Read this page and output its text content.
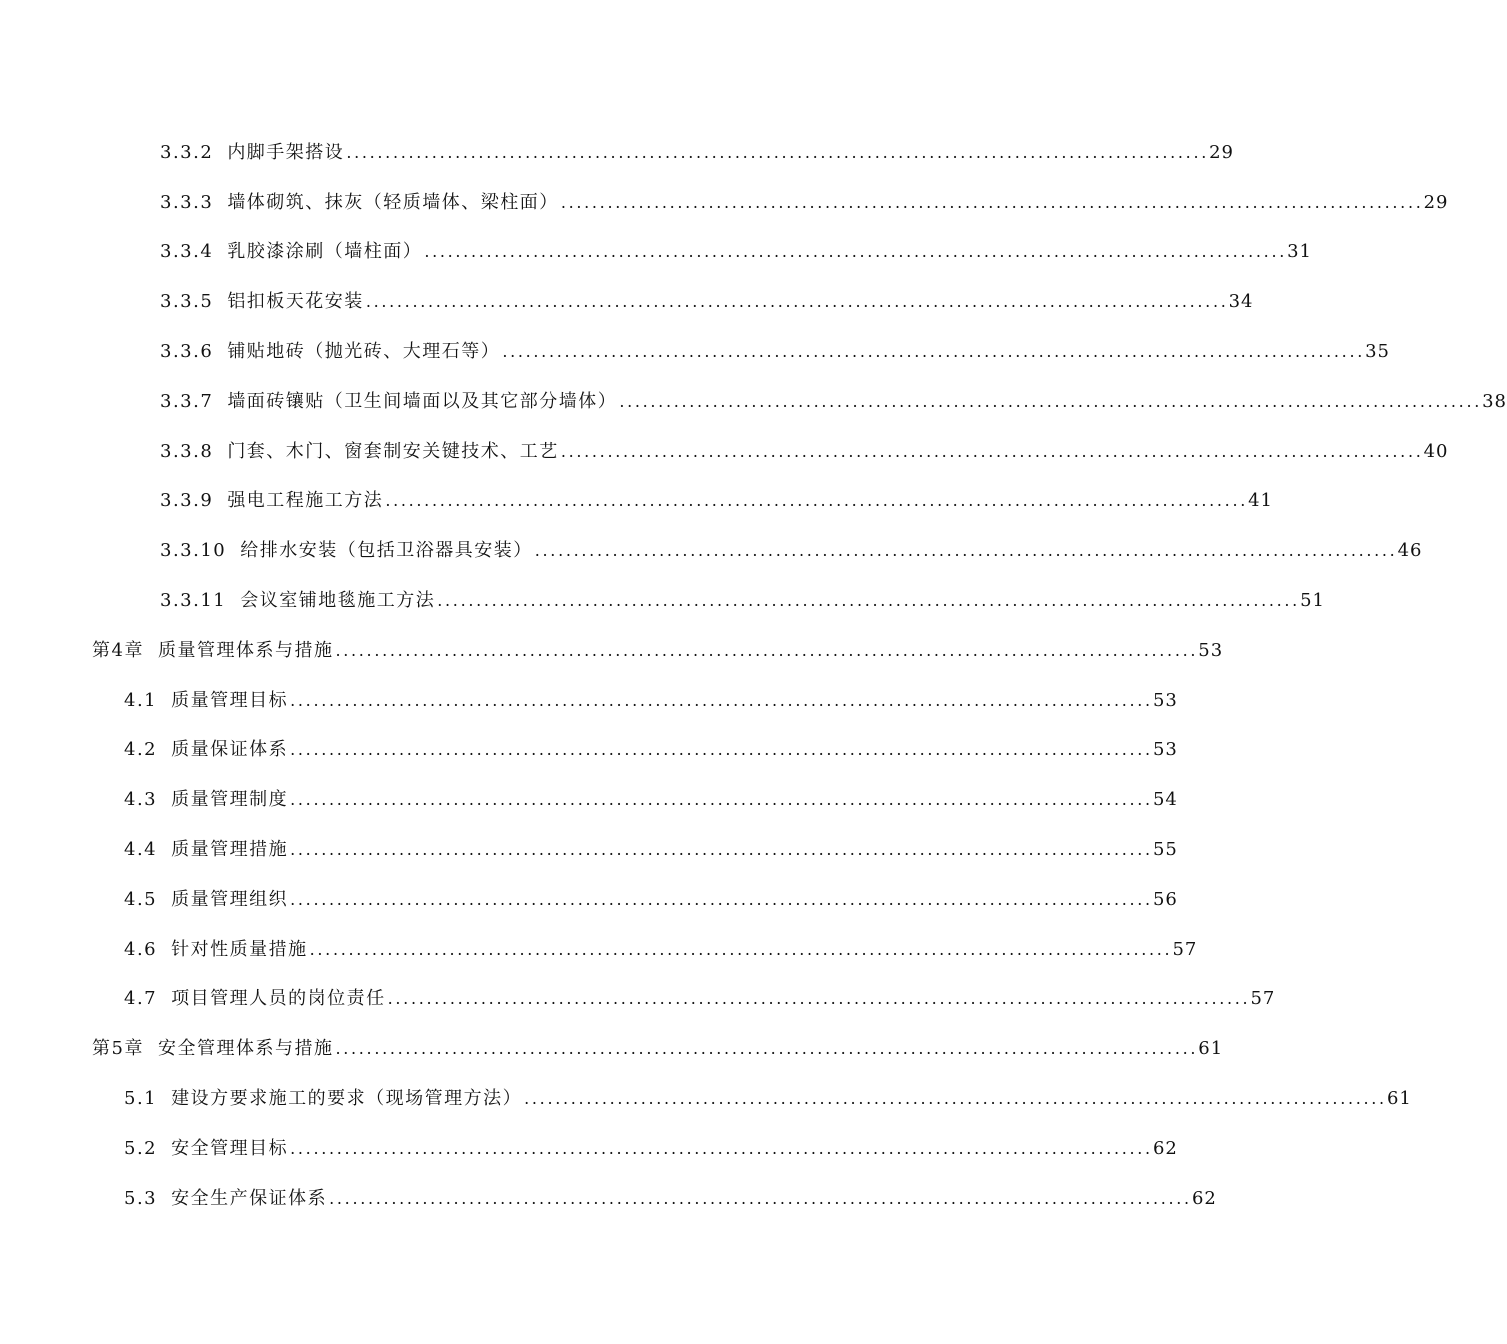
3.3.2 内脚手架搭设 . . .	29
3.3.3 墙体砌筑、抹灰（轻质墙体、梁柱面） . . .	29
3.3.4 乳胶漆涂刷（墙柱面） . . .	31
3.3.5 铝扣板天花安装 . . .	34
3.3.6 铺贴地砖（抛光砖、大理石等） . . .	35
3.3.7 墙面砖镶贴（卫生间墙面以及其它部分墙体） . . .	38
3.3.8 门套、木门、窗套制安关键技术、工艺 . . .	40
3.3.9 强电工程施工方法 . . .	41
3.3.10 给排水安装（包括卫浴器具安装） . . .	46
3.3.11 会议室铺地毯施工方法 . . .	51
第4章 质量管理体系与措施 . . .	53
4.1 质量管理目标 . . .	53
4.2 质量保证体系 . . .	53
4.3 质量管理制度 . . .	54
4.4 质量管理措施 . . .	55
4.5 质量管理组织 . . .	56
4.6 针对性质量措施 . . .	57
4.7 项目管理人员的岗位责任 . . .	57
第5章 安全管理体系与措施 . . .	61
5.1 建设方要求施工的要求（现场管理方法） . . .	61
5.2 安全管理目标 . . .	62
5.3 安全生产保证体系 . . .	62
